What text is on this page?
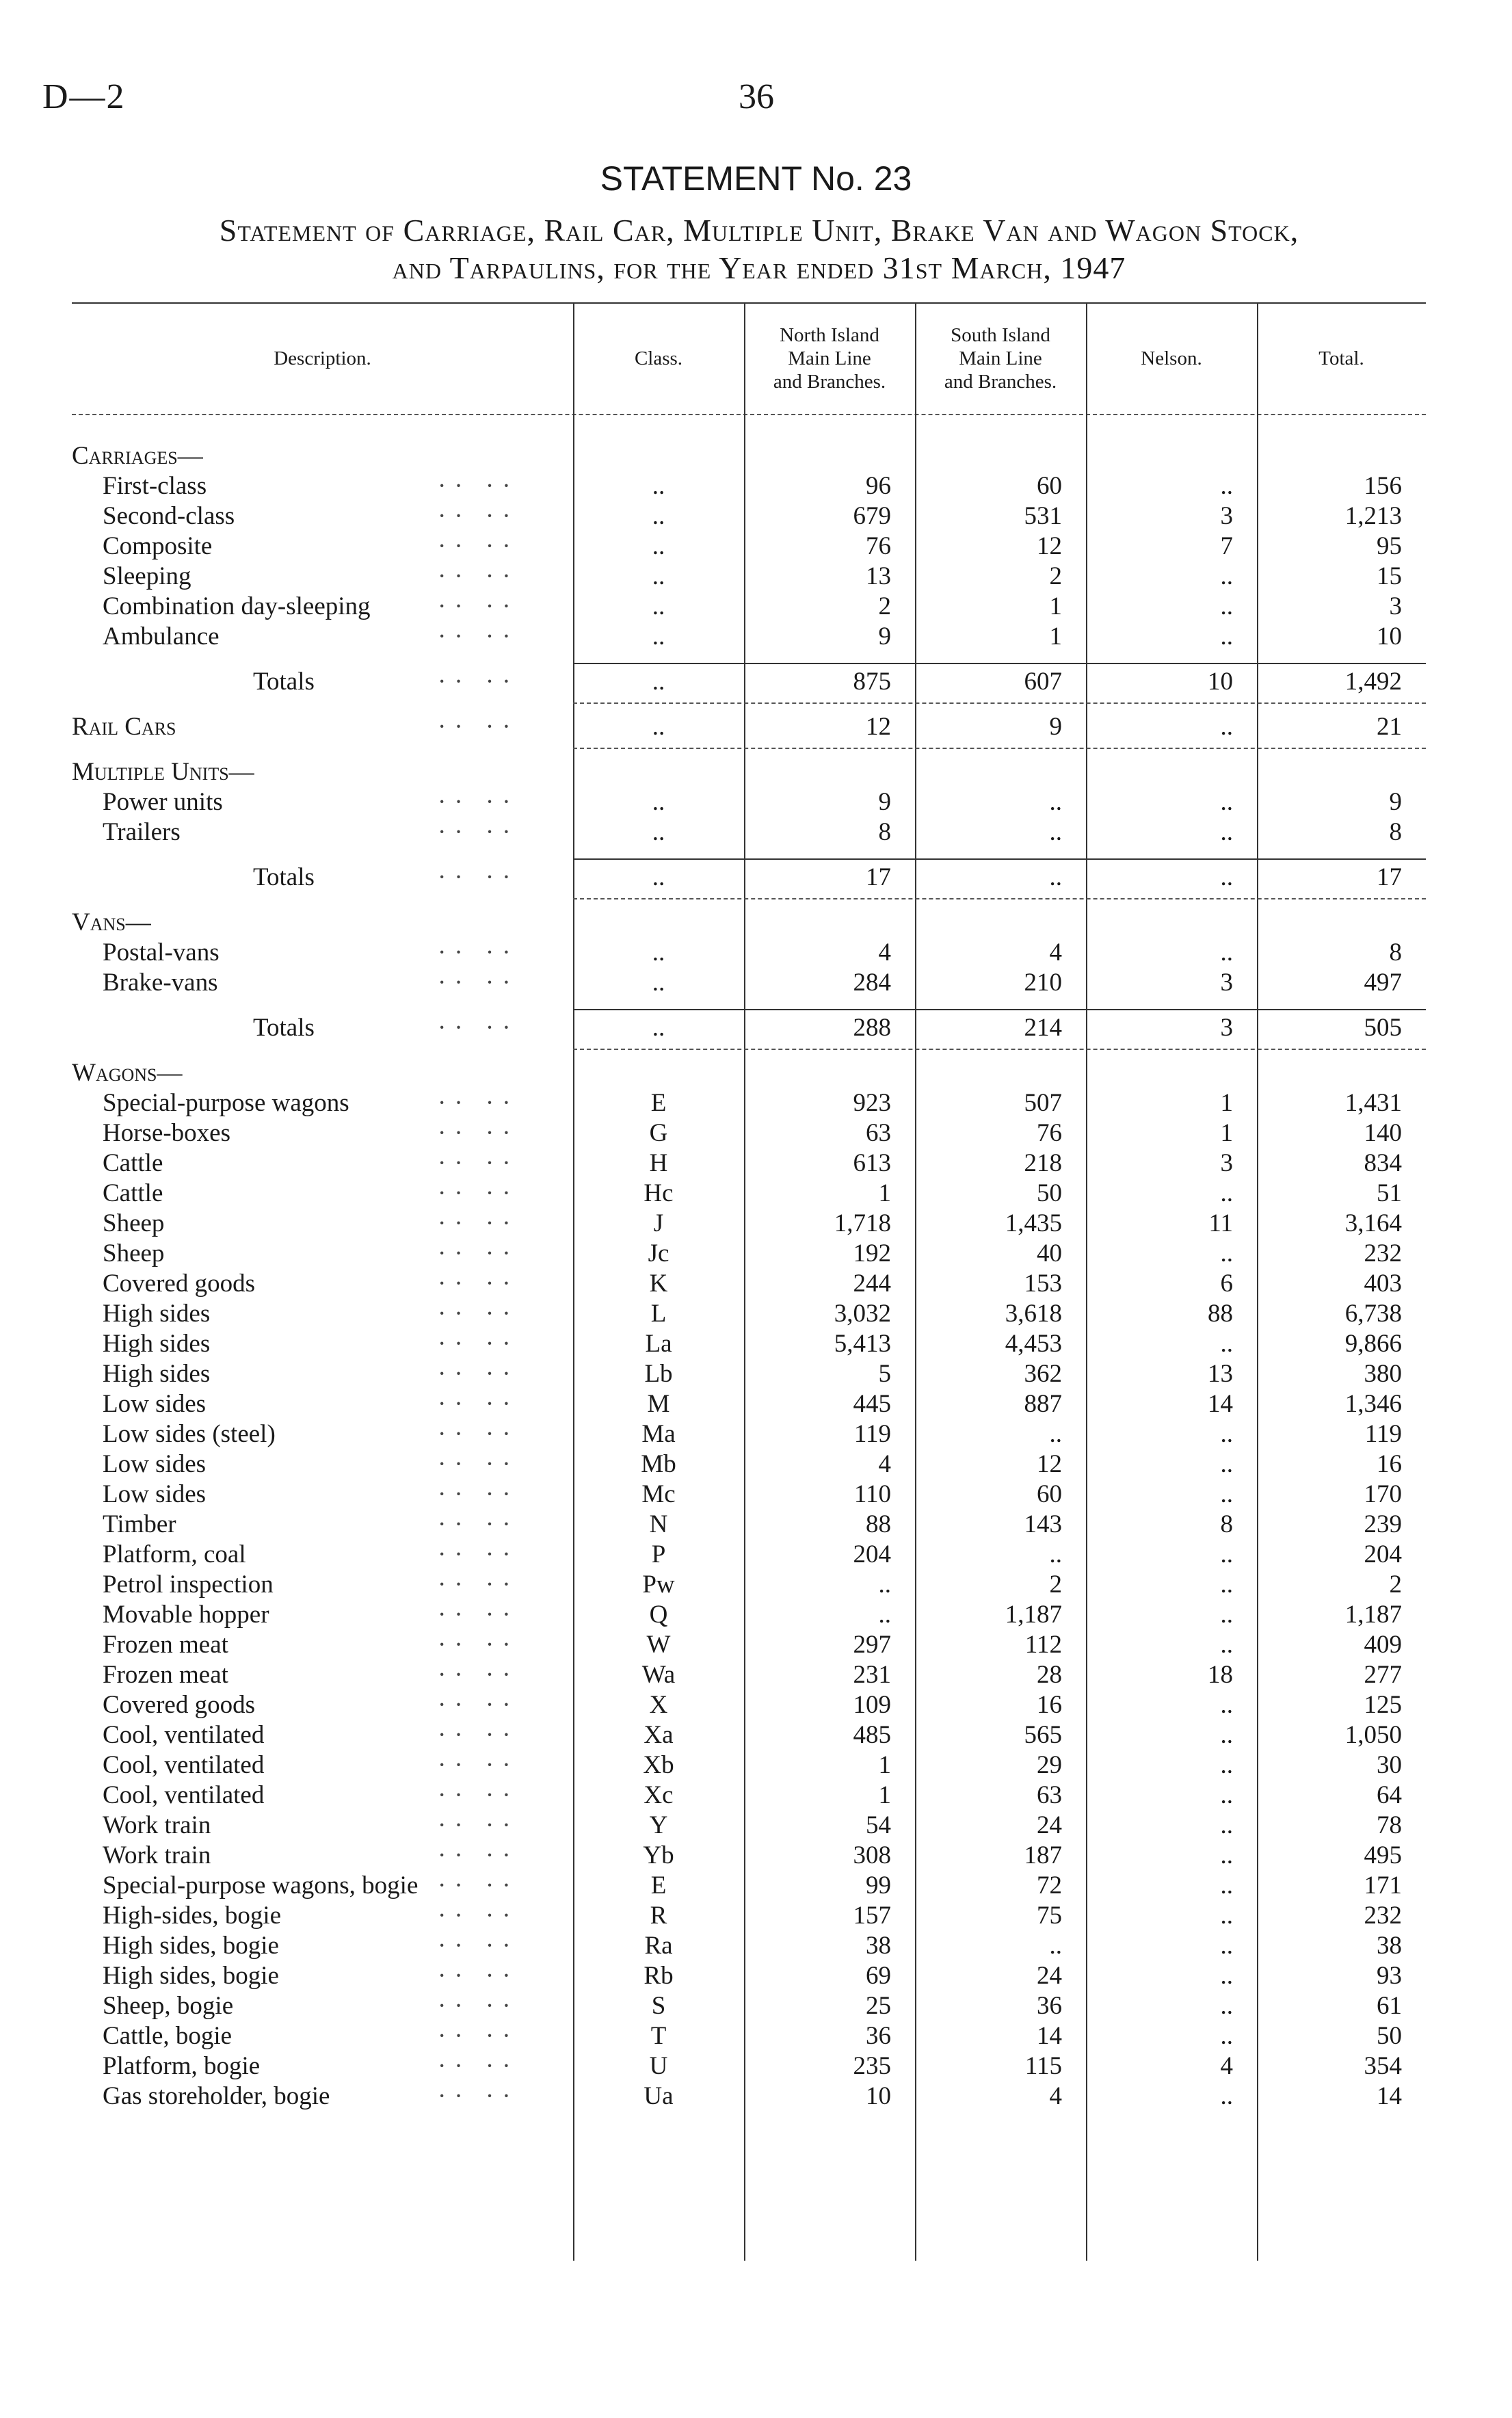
D—2	36
STATEMENT No. 23
Statement of Carriage, Rail Car, Multiple Unit, Brake Van and Wagon Stock,
and Tarpaulins, for the Year ended 31st March, 1947
Description.	Class.
North Island
Main Line
and Branches.
South Island
Main Line
and Branches.
Nelson.	Total.
Carriages—
First-class	·· ··	..	96	60	..	156
Second-class	·· ··	..	679	531	3	1,213
Composite	·· ··	..	76	12	7	95
Sleeping	·· ··	..	13	2	..	15
Combination day-sleeping	·· ··	..	2	1	..	3
Ambulance	·· ··	..	9	1	..	10
Totals	·· ··	..	875	607	10	1,492
Rail Cars	·· ··	..	12	9	..	21
Multiple Units—
Power units	·· ··	..	9	..	..	9
Trailers	·· ··	..	8	..	..	8
Totals	·· ··	..	17	..	..	17
Vans—
Postal-vans	·· ··	..	4	4	..	8
Brake-vans	·· ··	..	284	210	3	497
Totals	·· ··	..	288	214	3	505
Wagons—
Special-purpose wagons	·· ··	E	923	507	1	1,431
Horse-boxes	·· ··	G	63	76	1	140
Cattle	·· ··	H	613	218	3	834
Cattle	·· ··	Hc	1	50	..	51
Sheep	·· ··	J	1,718	1,435	11	3,164
Sheep	·· ··	Jc	192	40	..	232
Covered goods	·· ··	K	244	153	6	403
High sides	·· ··	L	3,032	3,618	88	6,738
High sides	·· ··	La	5,413	4,453	..	9,866
High sides	·· ··	Lb	5	362	13	380
Low sides	·· ··	M	445	887	14	1,346
Low sides (steel)	·· ··	Ma	119	..	..	119
Low sides	·· ··	Mb	4	12	..	16
Low sides	·· ··	Mc	110	60	..	170
Timber	·· ··	N	88	143	8	239
Platform, coal	·· ··	P	204	..	..	204
Petrol inspection	·· ··	Pw	..	2	..	2
Movable hopper	·· ··	Q	..	1,187	..	1,187
Frozen meat	·· ··	W	297	112	..	409
Frozen meat	·· ··	Wa	231	28	18	277
Covered goods	·· ··	X	109	16	..	125
Cool, ventilated	·· ··	Xa	485	565	..	1,050
Cool, ventilated	·· ··	Xb	1	29	..	30
Cool, ventilated	·· ··	Xc	1	63	..	64
Work train	·· ··	Y	54	24	..	78
Work train	·· ··	Yb	308	187	..	495
Special-purpose wagons, bogie ·· ··	E	99	72	..	171
High-sides, bogie	·· ··	R	157	75	..	232
High sides, bogie	·· ··	Ra	38	..	..	38
High sides, bogie	·· ··	Rb	69	24	..	93
Sheep, bogie	·· ··	S	25	36	..	61
Cattle, bogie	·· ··	T	36	14	..	50
Platform, bogie	·· ··	U	235	115	4	354
Gas storeholder, bogie	·· ··	Ua	10	4	..	14
